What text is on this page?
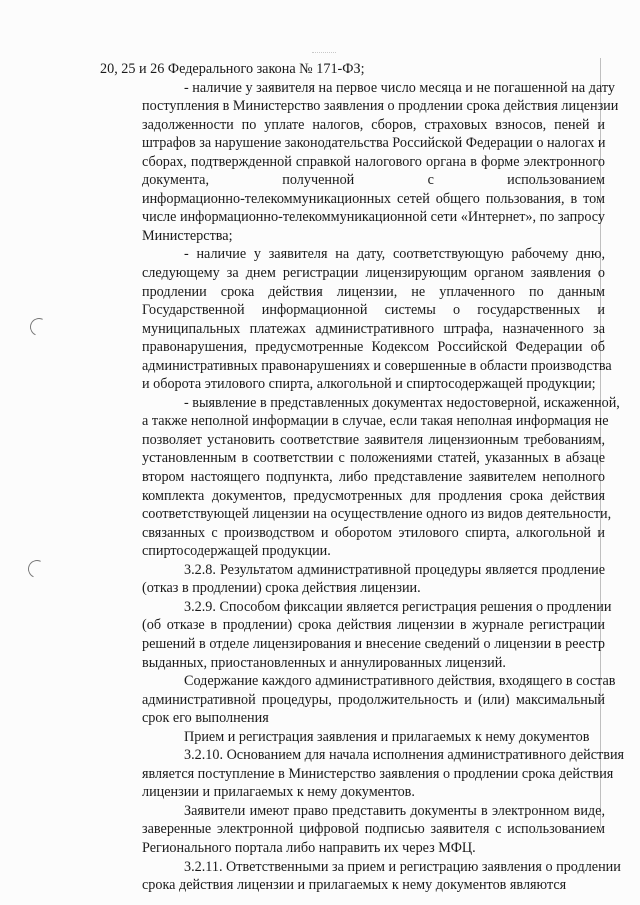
20, 25 и 26 Федерального закона № 171-ФЗ;

- наличие у заявителя на первое число месяца и не погашенной на дату
поступления в Министерство заявления о продлении срока действия лицензии
задолженности по уплате налогов, сборов, страховых взносов, пеней и
штрафов за нарушение законодательства Российской Федерации о налогах и
сборах, подтвержденной справкой налогового органа в форме электронного
документа, полученной с использованием
информационно-телекоммуникационных сетей общего пользования, в том
числе информационно-телекоммуникационной сети «Интернет», по запросу
Министерства;

- наличие у заявителя на дату, соответствующую рабочему дню,
следующему за днем регистрации лицензирующим органом заявления о
продлении срока действия лицензии, не уплаченного по данным
Государственной информационной системы о государственных и
муниципальных платежах административного штрафа, назначенного за
правонарушения, предусмотренные Кодексом Российской Федерации об
административных правонарушениях и совершенные в области производства
и оборота этилового спирта, алкогольной и спиртосодержащей продукции;

- выявление в представленных документах недостоверной, искаженной,
а также неполной информации в случае, если такая неполная информация не
позволяет установить соответствие заявителя лицензионным требованиям,
установленным в соответствии с положениями статей, указанных в абзаце
втором настоящего подпункта, либо представление заявителем неполного
комплекта документов, предусмотренных для продления срока действия
соответствующей лицензии на осуществление одного из видов деятельности,
связанных с производством и оборотом этилового спирта, алкогольной и
спиртосодержащей продукции.

3.2.8. Результатом административной процедуры является продление
(отказ в продлении) срока действия лицензии.

3.2.9. Способом фиксации является регистрация решения о продлении
(об отказе в продлении) срока действия лицензии в журнале регистрации
решений в отделе лицензирования и внесение сведений о лицензии в реестр
выданных, приостановленных и аннулированных лицензий.

Содержание каждого административного действия, входящего в состав
административной процедуры, продолжительность и (или) максимальный
срок его выполнения

Прием и регистрация заявления и прилагаемых к нему документов

3.2.10. Основанием для начала исполнения административного действия
является поступление в Министерство заявления о продлении срока действия
лицензии и прилагаемых к нему документов.

Заявители имеют право представить документы в электронном виде,
заверенные электронной цифровой подписью заявителя с использованием
Регионального портала либо направить их через МФЦ.

3.2.11. Ответственными за прием и регистрацию заявления о продлении
срока действия лицензии и прилагаемых к нему документов являются
